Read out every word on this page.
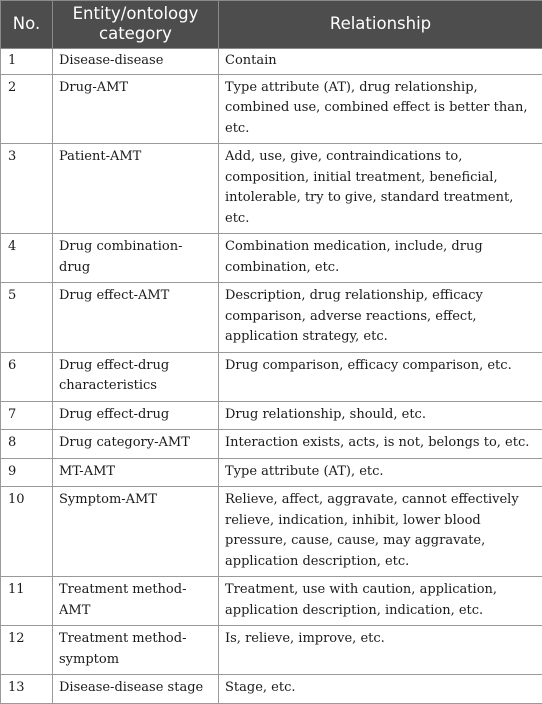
No.	Entity/ontology category	Relationship
1	Disease-disease	Contain
2	Drug-AMT	Type attribute (AT), drug relationship, combined use, combined effect is better than, etc.
3	Patient-AMT	Add, use, give, contraindications to, composition, initial treatment, beneficial, intolerable, try to give, standard treatment, etc.
4	Drug combination-drug	Combination medication, include, drug combination, etc.
5	Drug effect-AMT	Description, drug relationship, efficacy comparison, adverse reactions, effect, application strategy, etc.
6	Drug effect-drug characteristics	Drug comparison, efficacy comparison, etc.
7	Drug effect-drug	Drug relationship, should, etc.
8	Drug category-AMT	Interaction exists, acts, is not, belongs to, etc.
9	MT-AMT	Type attribute (AT), etc.
10	Symptom-AMT	Relieve, affect, aggravate, cannot effectively relieve, indication, inhibit, lower blood pressure, cause, cause, may aggravate, application description, etc.
11	Treatment method-AMT	Treatment, use with caution, application, application description, indication, etc.
12	Treatment method-symptom	Is, relieve, improve, etc.
13	Disease-disease stage	Stage, etc.
